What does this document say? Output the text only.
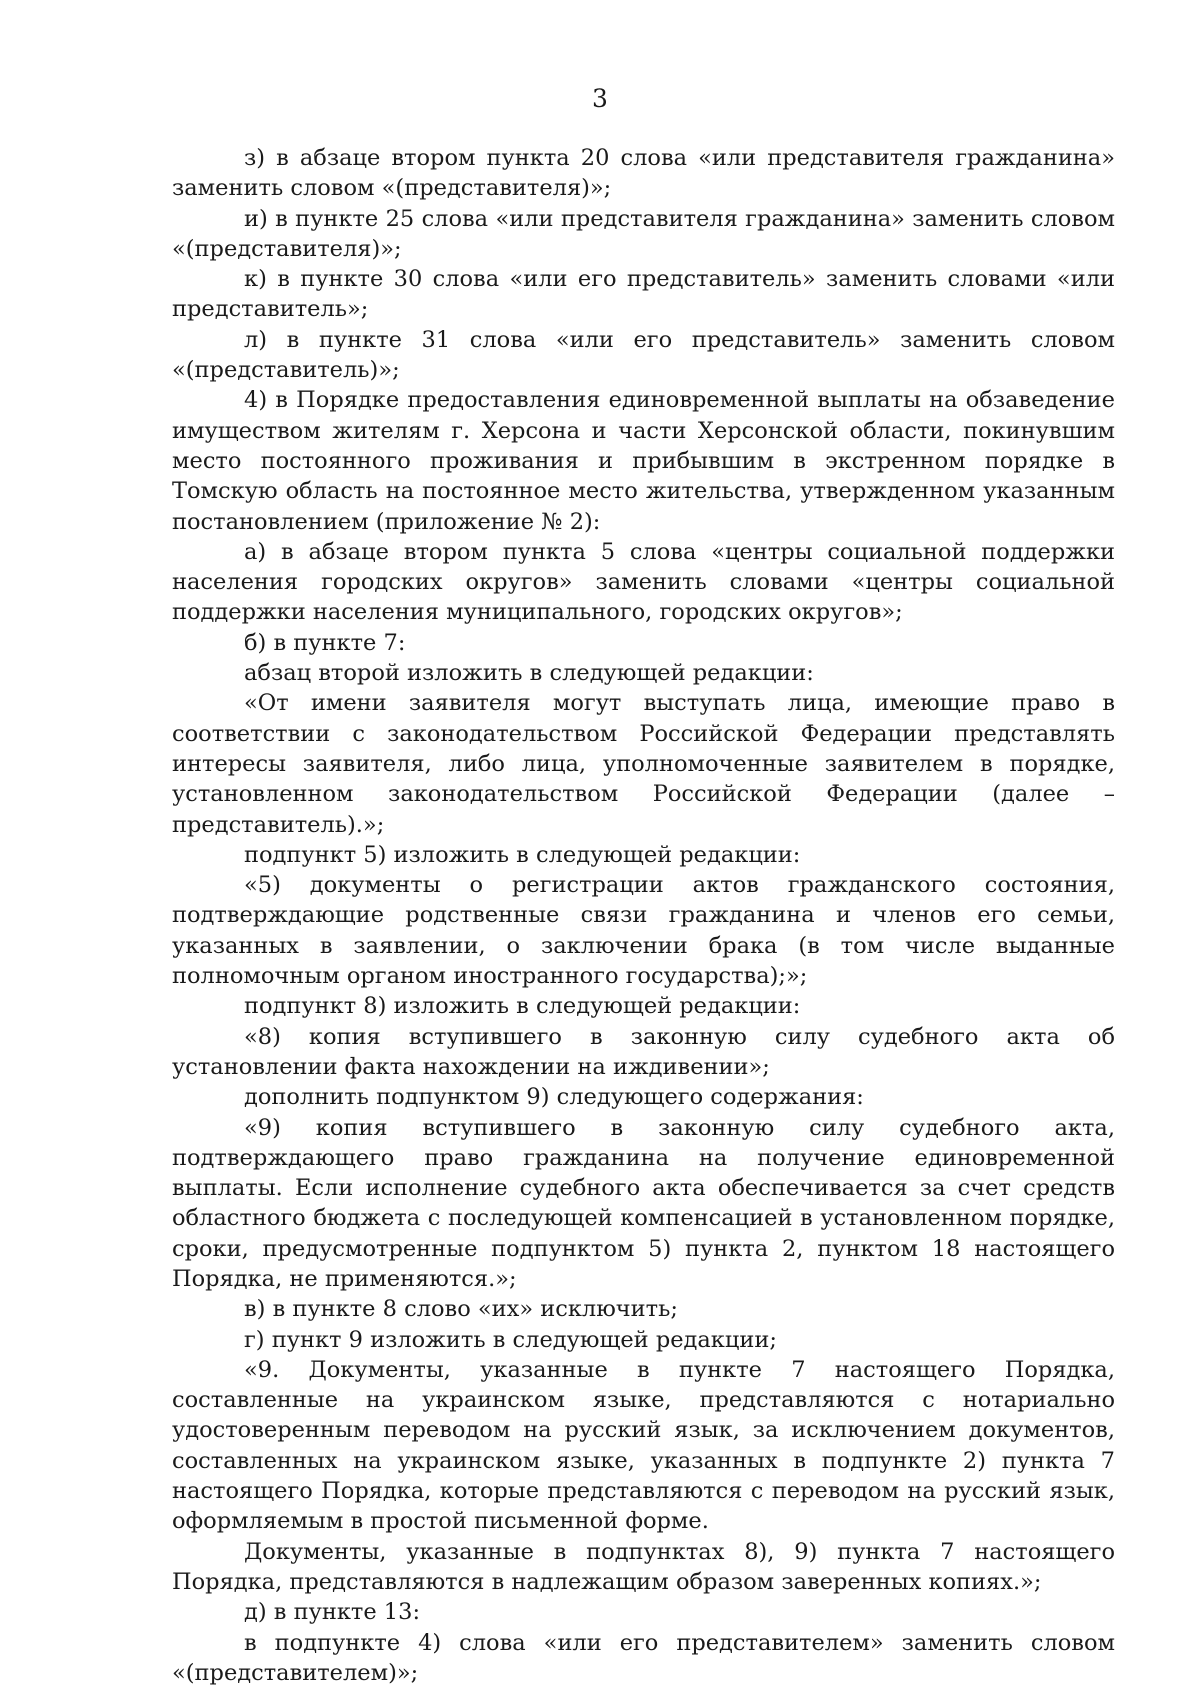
3

з) в абзаце втором пункта 20 слова «или представителя гражданина» заменить словом «(представителя)»;

и) в пункте 25 слова «или представителя гражданина» заменить словом «(представителя)»;

к) в пункте 30 слова «или его представитель» заменить словами «или представитель»;

л) в пункте 31 слова «или его представитель» заменить словом «(представитель)»;

4) в Порядке предоставления единовременной выплаты на обзаведение имуществом жителям г. Херсона и части Херсонской области, покинувшим место постоянного проживания и прибывшим в экстренном порядке в Томскую область на постоянное место жительства, утвержденном указанным постановлением (приложение № 2):

а) в абзаце втором пункта 5 слова «центры социальной поддержки населения городских округов» заменить словами «центры социальной поддержки населения муниципального, городских округов»;

б) в пункте 7:

абзац второй изложить в следующей редакции:

«От имени заявителя могут выступать лица, имеющие право в соответствии с законодательством Российской Федерации представлять интересы заявителя, либо лица, уполномоченные заявителем в порядке, установленном законодательством Российской Федерации (далее – представитель).»;

подпункт 5) изложить в следующей редакции:

«5) документы о регистрации актов гражданского состояния, подтверждающие родственные связи гражданина и членов его семьи, указанных в заявлении, о заключении брака (в том числе выданные полномочным органом иностранного государства);»;

подпункт 8) изложить в следующей редакции:

«8) копия вступившего в законную силу судебного акта об установлении факта нахождении на иждивении»;

дополнить подпунктом 9) следующего содержания:

«9) копия вступившего в законную силу судебного акта, подтверждающего право гражданина на получение единовременной выплаты. Если исполнение судебного акта обеспечивается за счет средств областного бюджета с последующей компенсацией в установленном порядке, сроки, предусмотренные подпунктом 5) пункта 2, пунктом 18 настоящего Порядка, не применяются.»;

в) в пункте 8 слово «их» исключить;

г) пункт 9 изложить в следующей редакции;

«9. Документы, указанные в пункте 7 настоящего Порядка, составленные на украинском языке, представляются с нотариально удостоверенным переводом на русский язык, за исключением документов, составленных на украинском языке, указанных в подпункте 2) пункта 7 настоящего Порядка, которые представляются с переводом на русский язык, оформляемым в простой письменной форме.

Документы, указанные в подпунктах 8), 9) пункта 7 настоящего Порядка, представляются в надлежащим образом заверенных копиях.»;

д) в пункте 13:

в подпункте 4) слова «или его представителем» заменить словом «(представителем)»;
